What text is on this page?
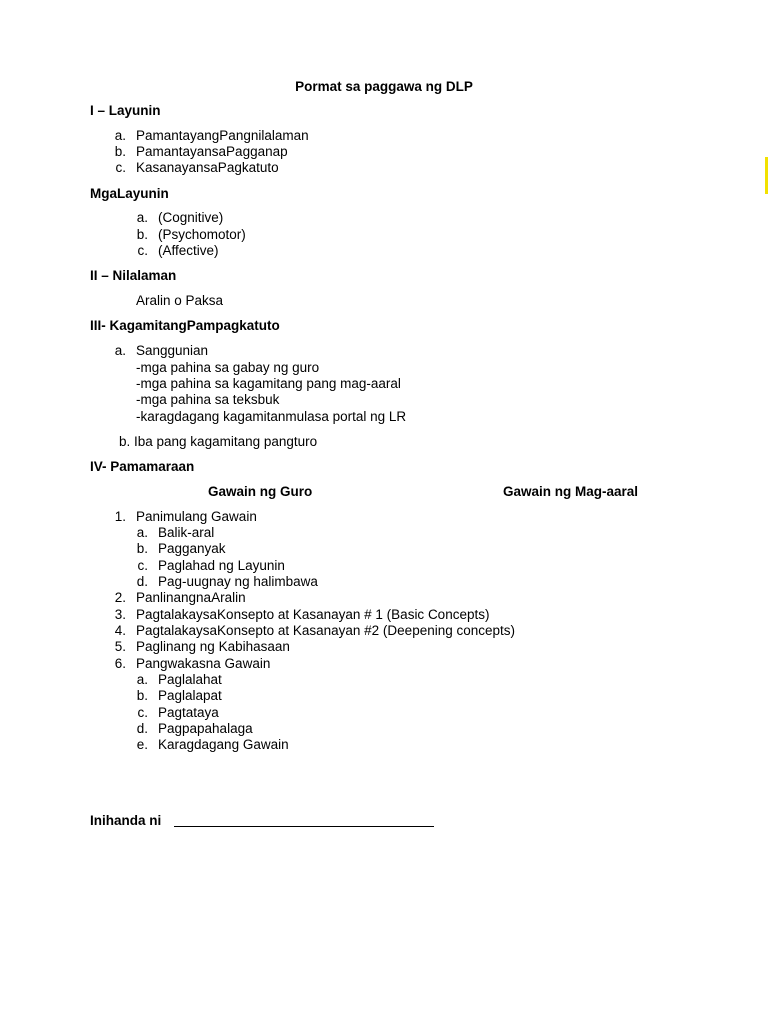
Pormat sa paggawa ng DLP
I – Layunin
a. PamantayangPangnilalaman
b. PamantayansaPagganap
c. KasanayansaPagkatuto
MgaLayunin
a. (Cognitive)
b. (Psychomotor)
c. (Affective)
II – Nilalaman
Aralin o Paksa
III- KagamitangPampagkatuto
a. Sanggunian
-mga pahina sa gabay ng guro
-mga pahina sa kagamitang pang mag-aaral
-mga pahina sa teksbuk
-karagdagang kagamitanmulasa portal ng LR
b. Iba pang kagamitang pangturo
IV- Pamamaraan
Gawain ng Guro	Gawain ng Mag-aaral
1. Panimulang Gawain
a. Balik-aral
b. Pagganyak
c. Paglahad ng Layunin
d. Pag-uugnay ng halimbawa
2. PanlinangnaAralin
3. PagtalakaysaKonsepto at Kasanayan # 1 (Basic Concepts)
4. PagtalakaysaKonsepto at Kasanayan #2 (Deepening concepts)
5. Paglinang ng Kabihasaan
6. Pangwakasna Gawain
a. Paglalahat
b. Paglalapat
c. Pagtataya
d. Pagpapahalaga
e. Karagdagang Gawain
Inihanda ni
